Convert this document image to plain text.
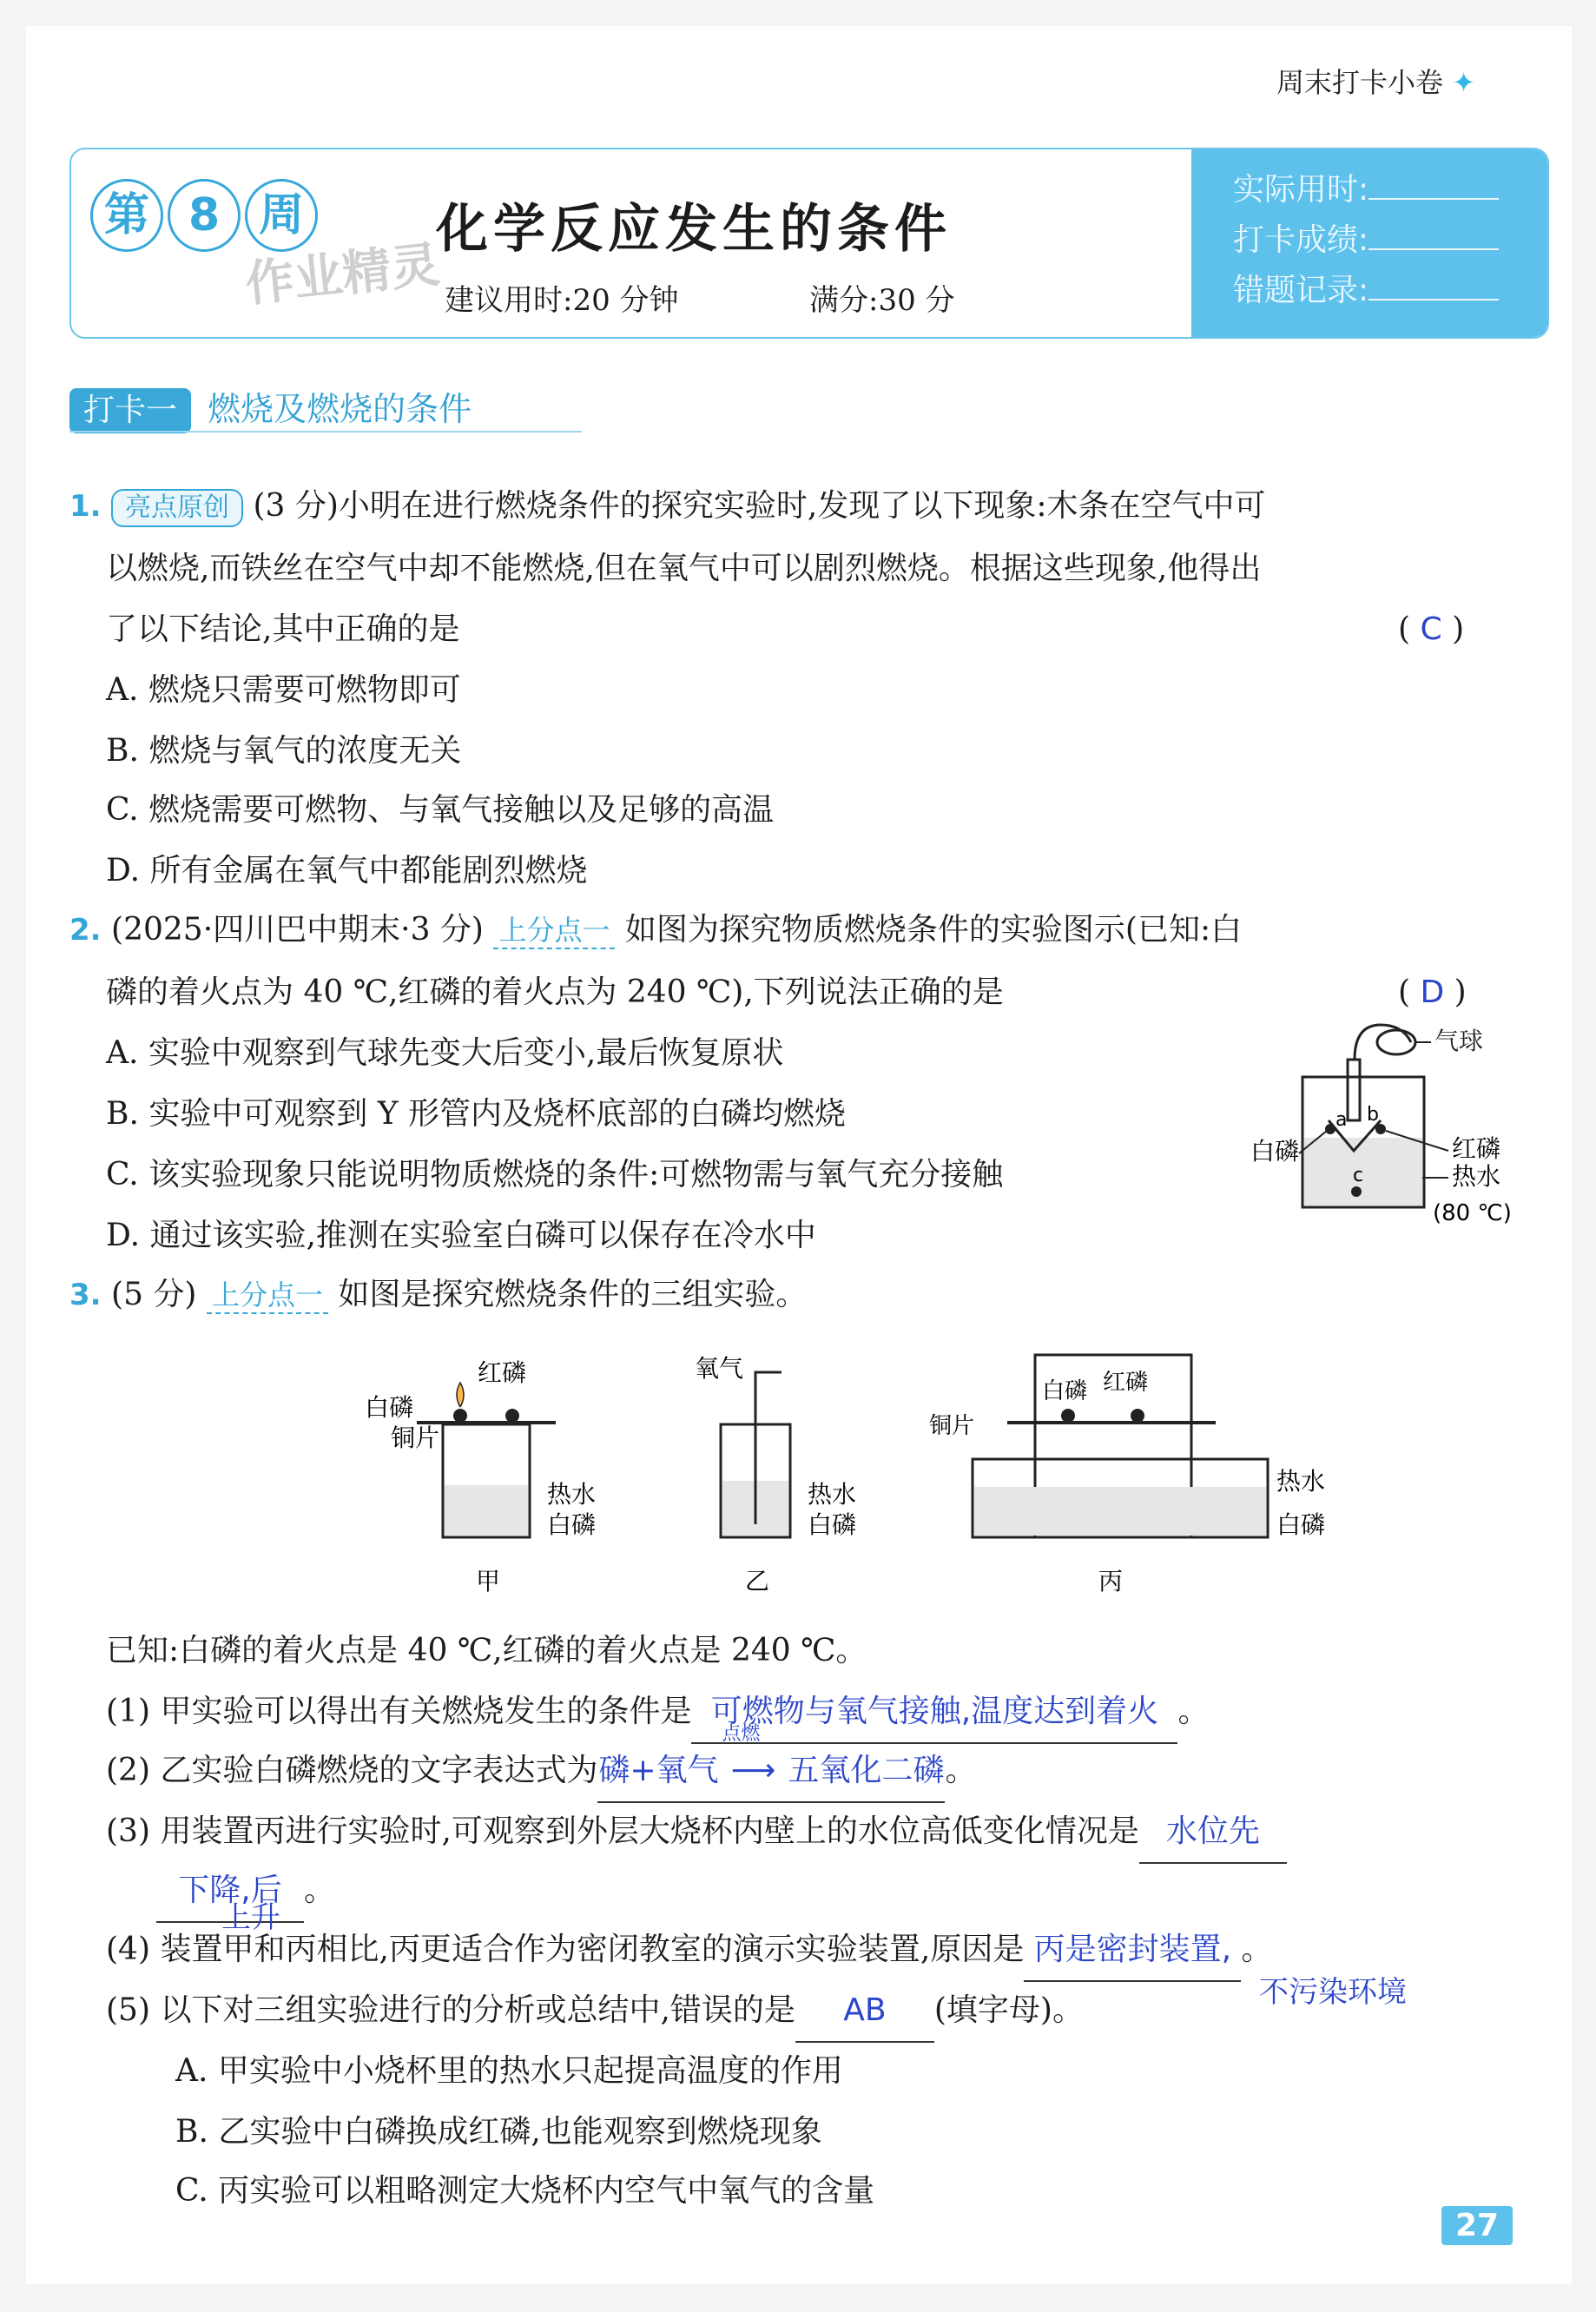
周末打卡小卷 ✦
第 8 周	化学反应发生的条件
作业精灵 建议用时:20 分钟	满分:30 分
实际用时:
打卡成绩:
错题记录:
打卡一 燃烧及燃烧的条件
1. 亮点原创 (3 分)小明在进行燃烧条件的探究实验时,发现了以下现象:木条在空气中可
以燃烧,而铁丝在空气中却不能燃烧,但在氧气中可以剧烈燃烧。根据这些现象,他得出
了以下结论,其中正确的是	( C )
A. 燃烧只需要可燃物即可
B. 燃烧与氧气的浓度无关
C. 燃烧需要可燃物、与氧气接触以及足够的高温
D. 所有金属在氧气中都能剧烈燃烧
2. (2025·四川巴中期末·3 分) 上分点一 如图为探究物质燃烧条件的实验图示(已知:白
磷的着火点为 40 ℃,红磷的着火点为 240 ℃),下列说法正确的是	( D )
A. 实验中观察到气球先变大后变小,最后恢复原状
B. 实验中可观察到 Y 形管内及烧杯底部的白磷均燃烧
C. 该实验现象只能说明物质燃烧的条件:可燃物需与氧气充分接触
D. 通过该实验,推测在实验室白磷可以保存在冷水中
气球
a b
c
白磷	红磷
热水
(80 ℃)
3. (5 分) 上分点一 如图是探究燃烧条件的三组实验。
红磷
白磷
铜片
热水
白磷
甲
氧气
热水
白磷
乙
白磷 红磷
铜片
热水
白磷
丙
已知:白磷的着火点是 40 ℃,红磷的着火点是 240 ℃。
(1) 甲实验可以得出有关燃烧发生的条件是 可燃物与氧气接触,温度达到着火 。
(2) 乙实验白磷燃烧的文字表达式为磷+氧气
点燃
⟶ 五氧化二磷。
(3) 用装置丙进行实验时,可观察到外层大烧杯内壁上的水位高低变化情况是 水位先
下降,后 。
上升
(4) 装置甲和丙相比,丙更适合作为密闭教室的演示实验装置,原因是 丙是密封装置, 。
(5) 以下对三组实验进行的分析或总结中,错误的是 AB (填字母)。	不污染环境
A. 甲实验中小烧杯里的热水只起提高温度的作用
B. 乙实验中白磷换成红磷,也能观察到燃烧现象
C. 丙实验可以粗略测定大烧杯内空气中氧气的含量
27
